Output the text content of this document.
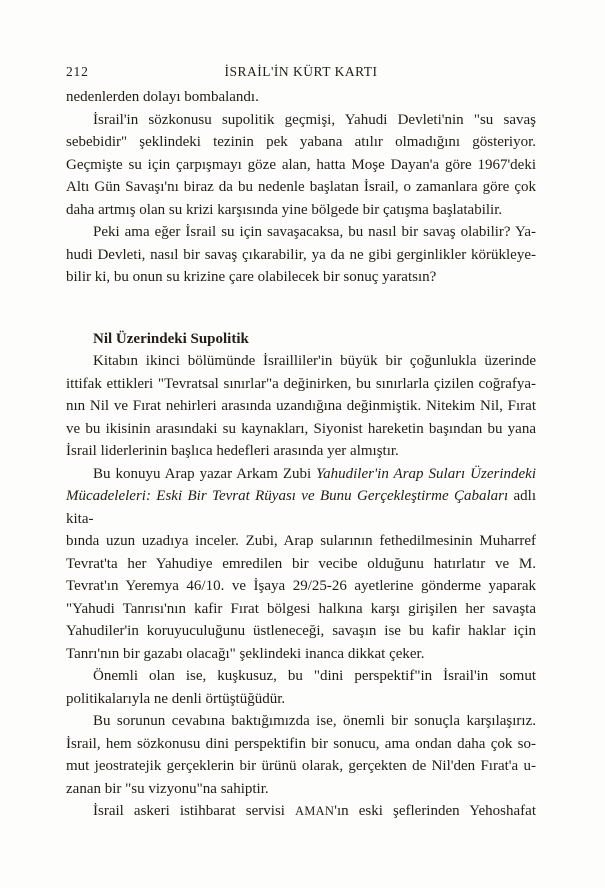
212	İSRAİL'İN KÜRT KARTI
nedenlerden dolayı bombalandı.
İsrail'in sözkonusu supolitik geçmişi, Yahudi Devleti'nin "su savaş
sebebidir" şeklindeki tezinin pek yabana atılır olmadığını gösteriyor.
Geçmişte su için çarpışmayı göze alan, hatta Moşe Dayan'a göre 1967'deki
Altı Gün Savaşı'nı biraz da bu nedenle başlatan İsrail, o zamanlara göre çok
daha artmış olan su krizi karşısında yine bölgede bir çatışma başlatabilir.
Peki ama eğer İsrail su için savaşacaksa, bu nasıl bir savaş olabilir? Ya-
hudi Devleti, nasıl bir savaş çıkarabilir, ya da ne gibi gerginlikler körükleye-
bilir ki, bu onun su krizine çare olabilecek bir sonuç yaratsın?
Nil Üzerindeki Supolitik
Kitabın ikinci bölümünde İsrailliler'in büyük bir çoğunlukla üzerinde
ittifak ettikleri "Tevratsal sınırlar"a değinirken, bu sınırlarla çizilen coğrafya-
nın Nil ve Fırat nehirleri arasında uzandığına değinmiştik. Nitekim Nil, Fırat
ve bu ikisinin arasındaki su kaynakları, Siyonist hareketin başından bu yana
İsrail liderlerinin başlıca hedefleri arasında yer almıştır.
Bu konuyu Arap yazar Arkam Zubi Yahudiler'in Arap Suları Üzerindeki
Mücadeleleri: Eski Bir Tevrat Rüyası ve Bunu Gerçekleştirme Çabaları adlı kita-
bında uzun uzadıya inceler. Zubi, Arap sularının fethedilmesinin Muharref
Tevrat'ta her Yahudiye emredilen bir vecibe olduğunu hatırlatır ve M.
Tevrat'ın Yeremya 46/10. ve İşaya 29/25-26 ayetlerine gönderme yaparak
"Yahudi Tanrısı'nın kafir Fırat bölgesi halkına karşı girişilen her savaşta
Yahudiler'in koruyuculuğunu üstleneceği, savaşın ise bu kafir haklar için
Tanrı'nın bir gazabı olacağı" şeklindeki inanca dikkat çeker.
Önemli olan ise, kuşkusuz, bu "dini perspektif"in İsrail'in somut
politikalarıyla ne denli örtüştüğüdür.
Bu sorunun cevabına baktığımızda ise, önemli bir sonuçla karşılaşırız.
İsrail, hem sözkonusu dini perspektifin bir sonucu, ama ondan daha çok so-
mut jeostratejik gerçeklerin bir ürünü olarak, gerçekten de Nil'den Fırat'a u-
zanan bir "su vizyonu"na sahiptir.
İsrail askeri istihbarat servisi AMAN'ın eski şeflerinden Yehoshafat
